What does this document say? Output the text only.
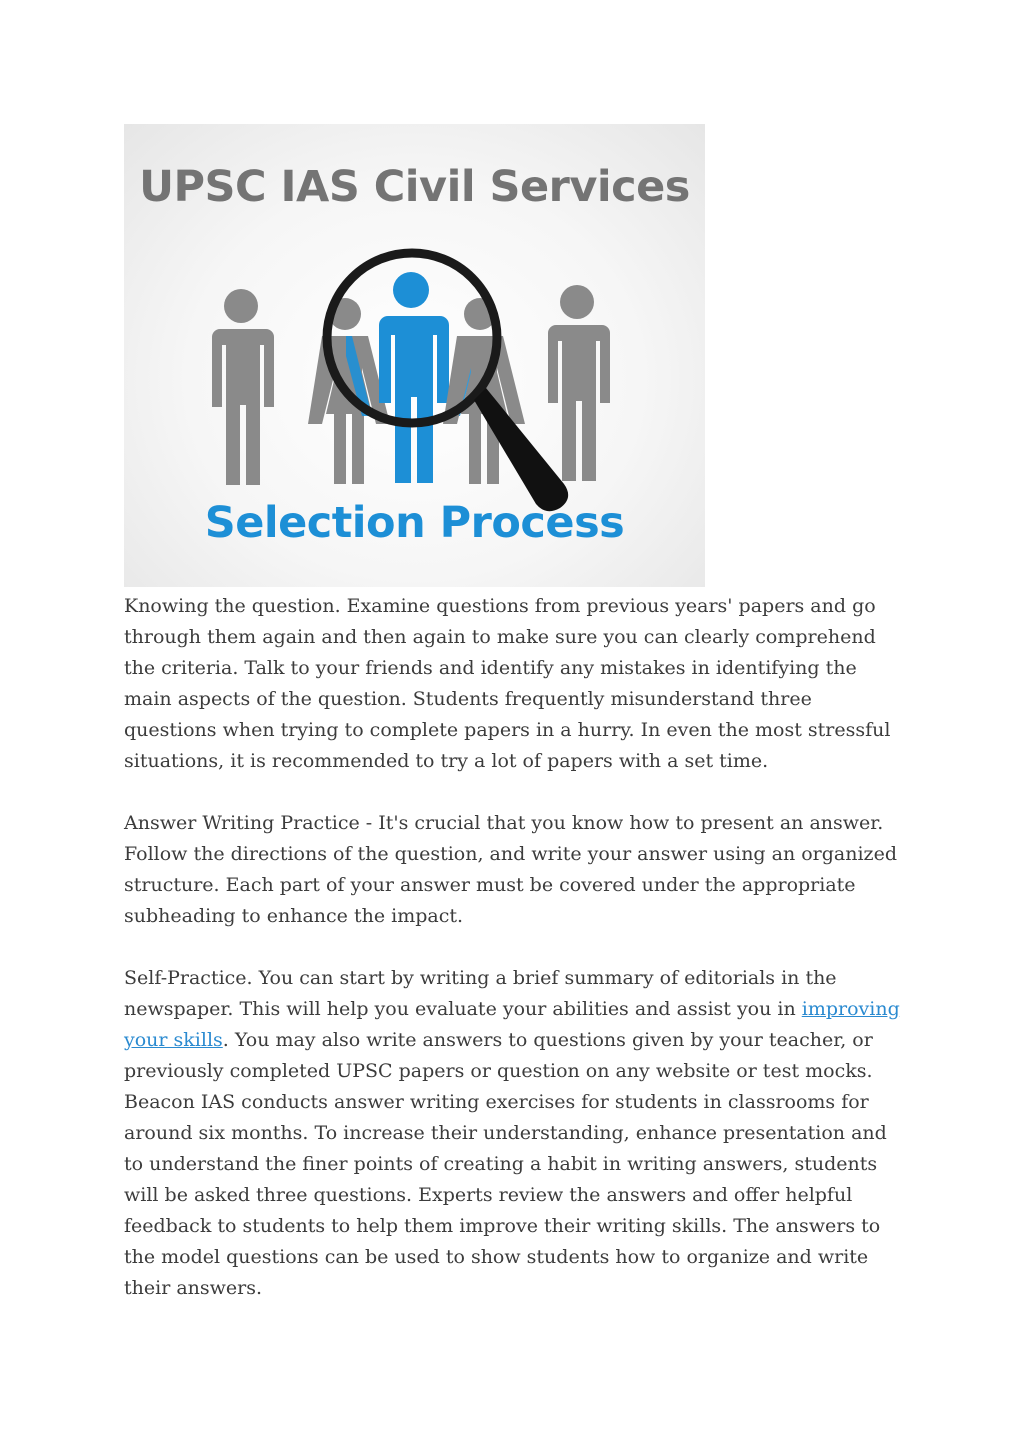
UPSC IAS Civil Services
Selection Process

Knowing the question. Examine questions from previous years' papers and go through them again and then again to make sure you can clearly comprehend the criteria. Talk to your friends and identify any mistakes in identifying the main aspects of the question. Students frequently misunderstand three questions when trying to complete papers in a hurry. In even the most stressful situations, it is recommended to try a lot of papers with a set time.

Answer Writing Practice - It's crucial that you know how to present an answer. Follow the directions of the question, and write your answer using an organized structure. Each part of your answer must be covered under the appropriate subheading to enhance the impact.

Self-Practice. You can start by writing a brief summary of editorials in the newspaper. This will help you evaluate your abilities and assist you in improving your skills. You may also write answers to questions given by your teacher, or previously completed UPSC papers or question on any website or test mocks. Beacon IAS conducts answer writing exercises for students in classrooms for around six months. To increase their understanding, enhance presentation and to understand the finer points of creating a habit in writing answers, students will be asked three questions. Experts review the answers and offer helpful feedback to students to help them improve their writing skills. The answers to the model questions can be used to show students how to organize and write their answers.
